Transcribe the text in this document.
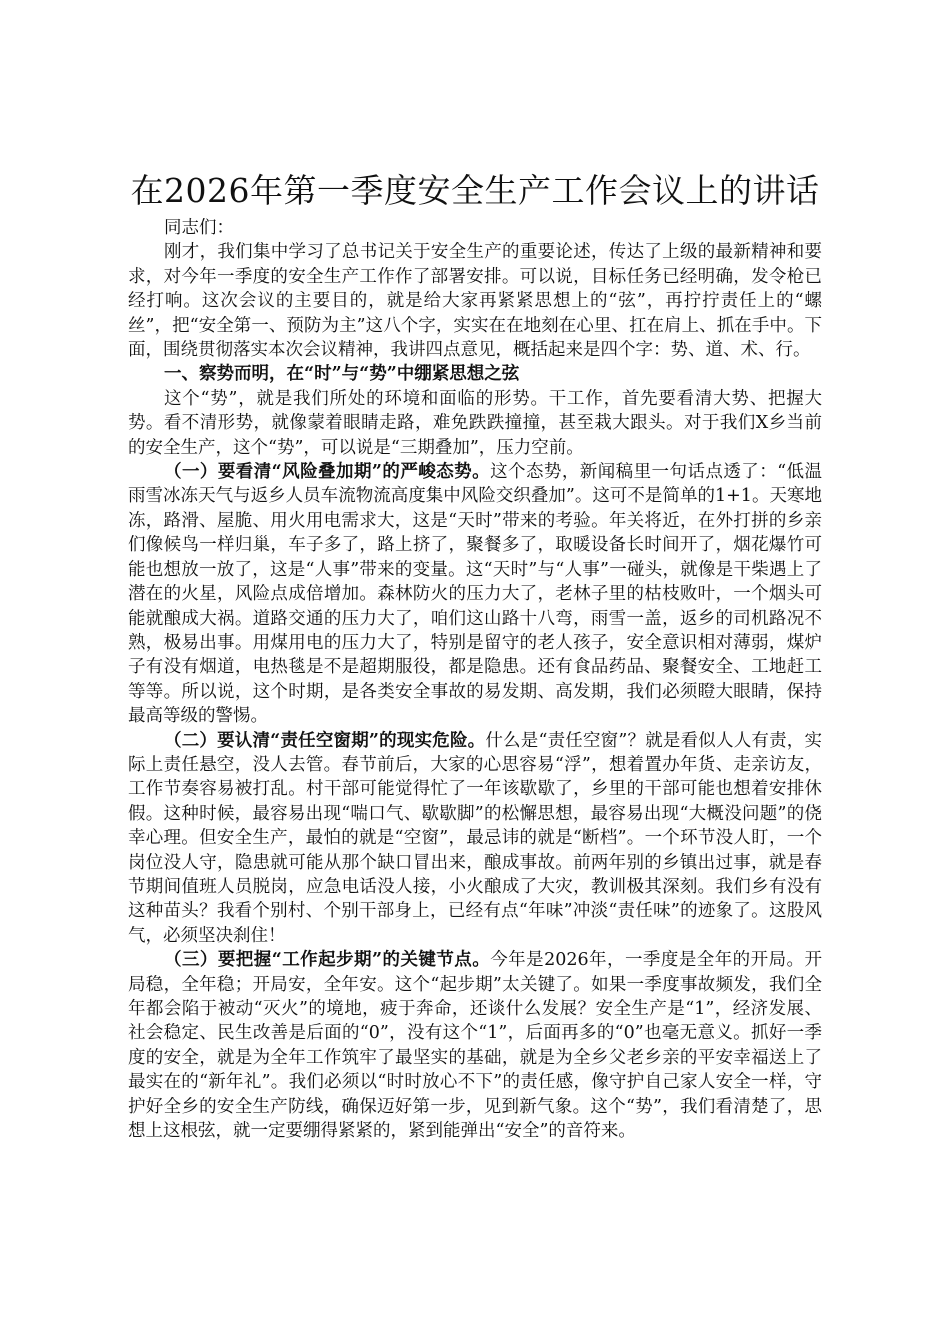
在2026年第一季度安全生产工作会议上的讲话

同志们：

刚才，我们集中学习了总书记关于安全生产的重要论述，传达了上级的最新精神和要求，对今年一季度的安全生产工作作了部署安排。可以说，目标任务已经明确，发令枪已经打响。这次会议的主要目的，就是给大家再紧紧思想上的“弦”，再拧拧责任上的“螺丝”，把“安全第一、预防为主”这八个字，实实在在地刻在心里、扛在肩上、抓在手中。下面，围绕贯彻落实本次会议精神，我讲四点意见，概括起来是四个字：势、道、术、行。

一、察势而明，在“时”与“势”中绷紧思想之弦

这个“势”，就是我们所处的环境和面临的形势。干工作，首先要看清大势、把握大势。看不清形势，就像蒙着眼睛走路，难免跌跌撞撞，甚至栽大跟头。对于我们X乡当前的安全生产，这个“势”，可以说是“三期叠加”，压力空前。

（一）要看清“风险叠加期”的严峻态势。这个态势，新闻稿里一句话点透了：“低温雨雪冰冻天气与返乡人员车流物流高度集中风险交织叠加”。这可不是简单的1+1。天寒地冻，路滑、屋脆、用火用电需求大，这是“天时”带来的考验。年关将近，在外打拼的乡亲们像候鸟一样归巢，车子多了，路上挤了，聚餐多了，取暖设备长时间开了，烟花爆竹可能也想放一放了，这是“人事”带来的变量。这“天时”与“人事”一碰头，就像是干柴遇上了潜在的火星，风险点成倍增加。森林防火的压力大了，老林子里的枯枝败叶，一个烟头可能就酿成大祸。道路交通的压力大了，咱们这山路十八弯，雨雪一盖，返乡的司机路况不熟，极易出事。用煤用电的压力大了，特别是留守的老人孩子，安全意识相对薄弱，煤炉子有没有烟道，电热毯是不是超期服役，都是隐患。还有食品药品、聚餐安全、工地赶工等等。所以说，这个时期，是各类安全事故的易发期、高发期，我们必须瞪大眼睛，保持最高等级的警惕。

（二）要认清“责任空窗期”的现实危险。什么是“责任空窗”？就是看似人人有责，实际上责任悬空，没人去管。春节前后，大家的心思容易“浮”，想着置办年货、走亲访友，工作节奏容易被打乱。村干部可能觉得忙了一年该歇歇了，乡里的干部可能也想着安排休假。这种时候，最容易出现“喘口气、歇歇脚”的松懈思想，最容易出现“大概没问题”的侥幸心理。但安全生产，最怕的就是“空窗”，最忌讳的就是“断档”。一个环节没人盯，一个岗位没人守，隐患就可能从那个缺口冒出来，酿成事故。前两年别的乡镇出过事，就是春节期间值班人员脱岗，应急电话没人接，小火酿成了大灾，教训极其深刻。我们乡有没有这种苗头？我看个别村、个别干部身上，已经有点“年味”冲淡“责任味”的迹象了。这股风气，必须坚决刹住！

（三）要把握“工作起步期”的关键节点。今年是2026年，一季度是全年的开局。开局稳，全年稳；开局安，全年安。这个“起步期”太关键了。如果一季度事故频发，我们全年都会陷于被动“灭火”的境地，疲于奔命，还谈什么发展？安全生产是“1”，经济发展、社会稳定、民生改善是后面的“0”，没有这个“1”，后面再多的“0”也毫无意义。抓好一季度的安全，就是为全年工作筑牢了最坚实的基础，就是为全乡父老乡亲的平安幸福送上了最实在的“新年礼”。我们必须以“时时放心不下”的责任感，像守护自己家人安全一样，守护好全乡的安全生产防线，确保迈好第一步，见到新气象。这个“势”，我们看清楚了，思想上这根弦，就一定要绷得紧紧的，紧到能弹出“安全”的音符来。
